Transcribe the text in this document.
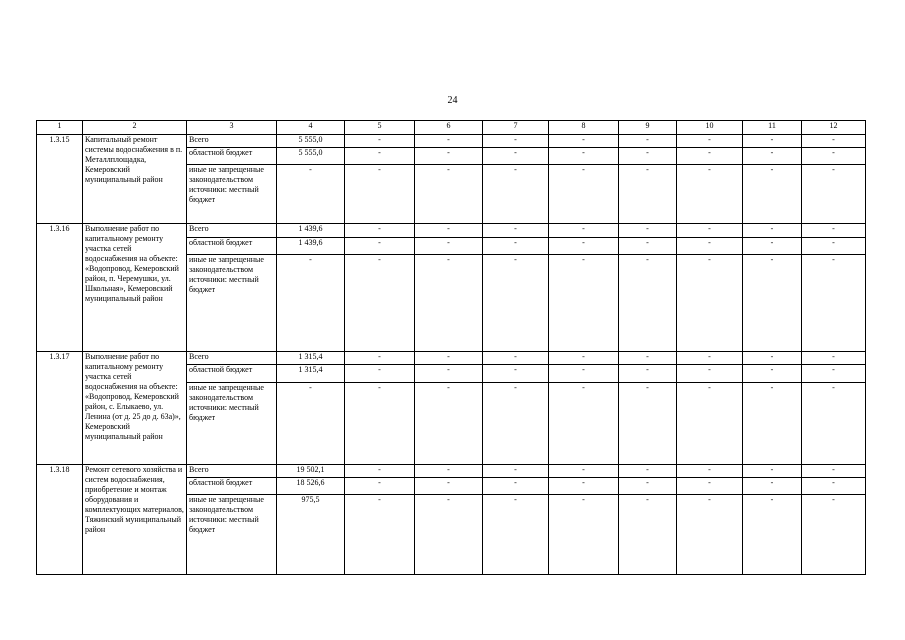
24
1	2	3	4	5	6	7	8	9	10	11	12
1.3.15	Капитальный ремонт системы водоснабжения в п. Металлплощадка, Кемеровский муниципальный район	Всего	5 555,0	-	-	-	-	-	-	-	-
		областной бюджет	5 555,0	-	-	-	-	-	-	-	-
		иные не запрещенные законодательством источники: местный бюджет	-	-	-	-	-	-	-	-	-
1.3.16	Выполнение работ по капитальному ремонту участка сетей водоснабжения на объекте: «Водопровод, Кемеровский район, п. Черемушки, ул. Школьная», Кемеровский муниципальный район	Всего	1 439,6	-	-	-	-	-	-	-	-
		областной бюджет	1 439,6	-	-	-	-	-	-	-	-
		иные не запрещенные законодательством источники: местный бюджет	-	-	-	-	-	-	-	-	-
1.3.17	Выполнение работ по капитальному ремонту участка сетей водоснабжения на объекте: «Водопровод, Кемеровский район, с. Елыкаево, ул. Ленина (от д. 25 до д. 63а)», Кемеровский муниципальный район	Всего	1 315,4	-	-	-	-	-	-	-	-
		областной бюджет	1 315,4	-	-	-	-	-	-	-	-
		иные не запрещенные законодательством источники: местный бюджет	-	-	-	-	-	-	-	-	-
1.3.18	Ремонт сетевого хозяйства и систем водоснабжения, приобретение и монтаж оборудования и комплектующих материалов, Тяжинский муниципальный район	Всего	19 502,1	-	-	-	-	-	-	-	-
		областной бюджет	18 526,6	-	-	-	-	-	-	-	-
		иные не запрещенные законодательством источники: местный бюджет	975,5	-	-	-	-	-	-	-	-
